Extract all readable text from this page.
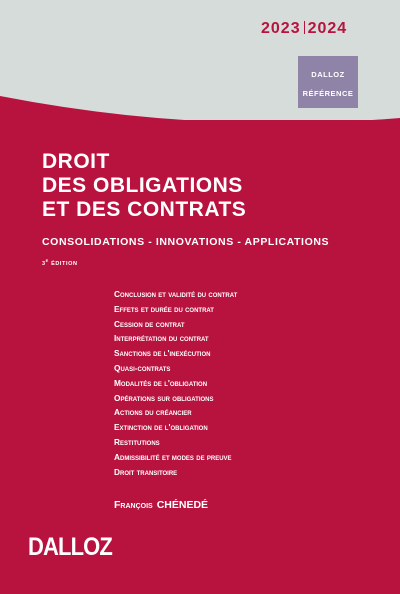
2023 2024
DALLOZ
RÉFÉRENCE
DROIT
DES OBLIGATIONS
ET DES CONTRATS
CONSOLIDATIONS - INNOVATIONS - APPLICATIONS
$3^E$ ÉDITION
Conclusion et validité du contrat
Effets et durée du contrat
Cession de contrat
Interprétation du contrat
Sanctions de l'inexécution
Quasi-contrats
Modalités de l'obligation
Opérations sur obligations
Actions du créancier
Extinction de l'obligation
Restitutions
Admissibilité et modes de preuve
Droit transitoire
François CHÉNEDÉ
DALLOZ
